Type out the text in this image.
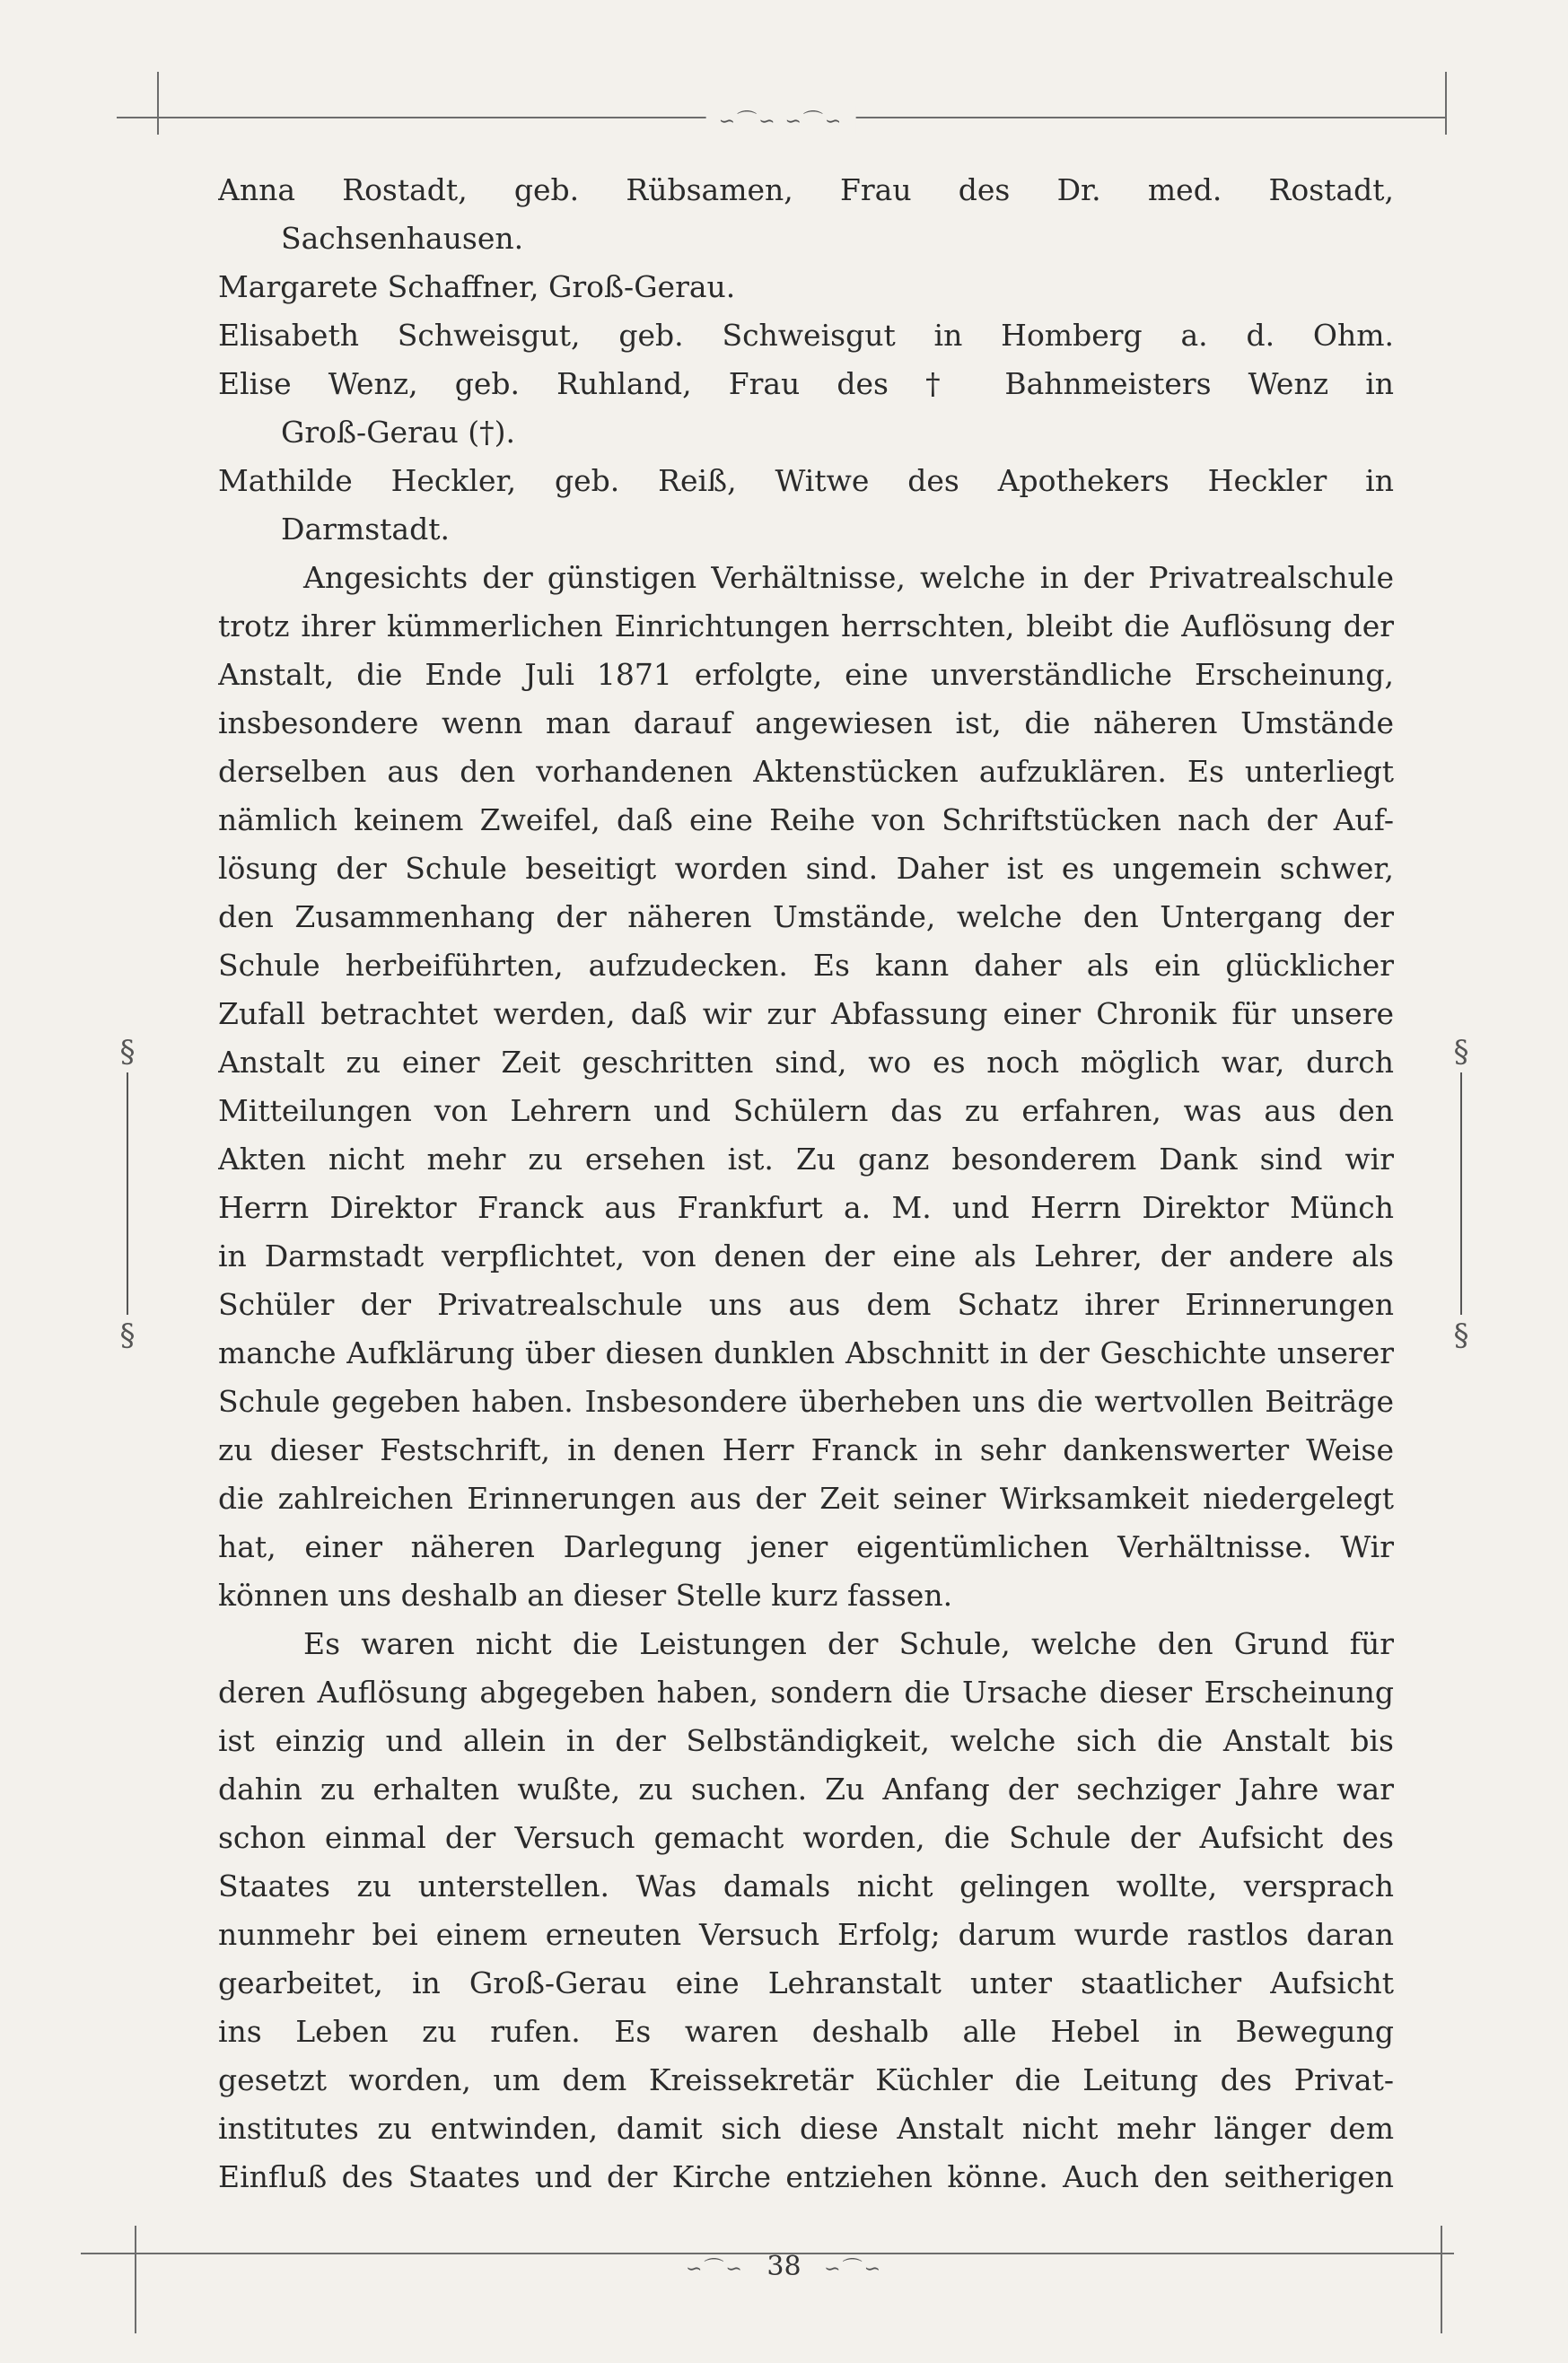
∽⌒∽ ∽⌒∽
§
§
§
§
Anna Rostadt, geb. Rübsamen, Frau des Dr. med. Rostadt,
Sachsenhausen.
Margarete Schaffner, Groß-Gerau.
Elisabeth Schweisgut, geb. Schweisgut in Homberg a. d. Ohm.
Elise Wenz, geb. Ruhland, Frau des † Bahnmeisters Wenz in
Groß-Gerau (†).
Mathilde Heckler, geb. Reiß, Witwe des Apothekers Heckler in
Darmstadt.
Angesichts der günstigen Verhältnisse, welche in der Privatrealschule
trotz ihrer kümmerlichen Einrichtungen herrschten, bleibt die Auflösung der
Anstalt, die Ende Juli 1871 erfolgte, eine unverständliche Erscheinung,
insbesondere wenn man darauf angewiesen ist, die näheren Umstände
derselben aus den vorhandenen Aktenstücken aufzuklären. Es unterliegt
nämlich keinem Zweifel, daß eine Reihe von Schriftstücken nach der Auf-
lösung der Schule beseitigt worden sind. Daher ist es ungemein schwer,
den Zusammenhang der näheren Umstände, welche den Untergang der
Schule herbeiführten, aufzudecken. Es kann daher als ein glücklicher
Zufall betrachtet werden, daß wir zur Abfassung einer Chronik für unsere
Anstalt zu einer Zeit geschritten sind, wo es noch möglich war, durch
Mitteilungen von Lehrern und Schülern das zu erfahren, was aus den
Akten nicht mehr zu ersehen ist. Zu ganz besonderem Dank sind wir
Herrn Direktor Franck aus Frankfurt a. M. und Herrn Direktor Münch
in Darmstadt verpflichtet, von denen der eine als Lehrer, der andere als
Schüler der Privatrealschule uns aus dem Schatz ihrer Erinnerungen
manche Aufklärung über diesen dunklen Abschnitt in der Geschichte unserer
Schule gegeben haben. Insbesondere überheben uns die wertvollen Beiträge
zu dieser Festschrift, in denen Herr Franck in sehr dankenswerter Weise
die zahlreichen Erinnerungen aus der Zeit seiner Wirksamkeit niedergelegt
hat, einer näheren Darlegung jener eigentümlichen Verhältnisse. Wir
können uns deshalb an dieser Stelle kurz fassen.
Es waren nicht die Leistungen der Schule, welche den Grund für
deren Auflösung abgegeben haben, sondern die Ursache dieser Erscheinung
ist einzig und allein in der Selbständigkeit, welche sich die Anstalt bis
dahin zu erhalten wußte, zu suchen. Zu Anfang der sechziger Jahre war
schon einmal der Versuch gemacht worden, die Schule der Aufsicht des
Staates zu unterstellen. Was damals nicht gelingen wollte, versprach
nunmehr bei einem erneuten Versuch Erfolg; darum wurde rastlos daran
gearbeitet, in Groß-Gerau eine Lehranstalt unter staatlicher Aufsicht
ins Leben zu rufen. Es waren deshalb alle Hebel in Bewegung
gesetzt worden, um dem Kreissekretär Küchler die Leitung des Privat-
institutes zu entwinden, damit sich diese Anstalt nicht mehr länger dem
Einfluß des Staates und der Kirche entziehen könne. Auch den seitherigen
∽⌒∽ 38 ∽⌒∽
